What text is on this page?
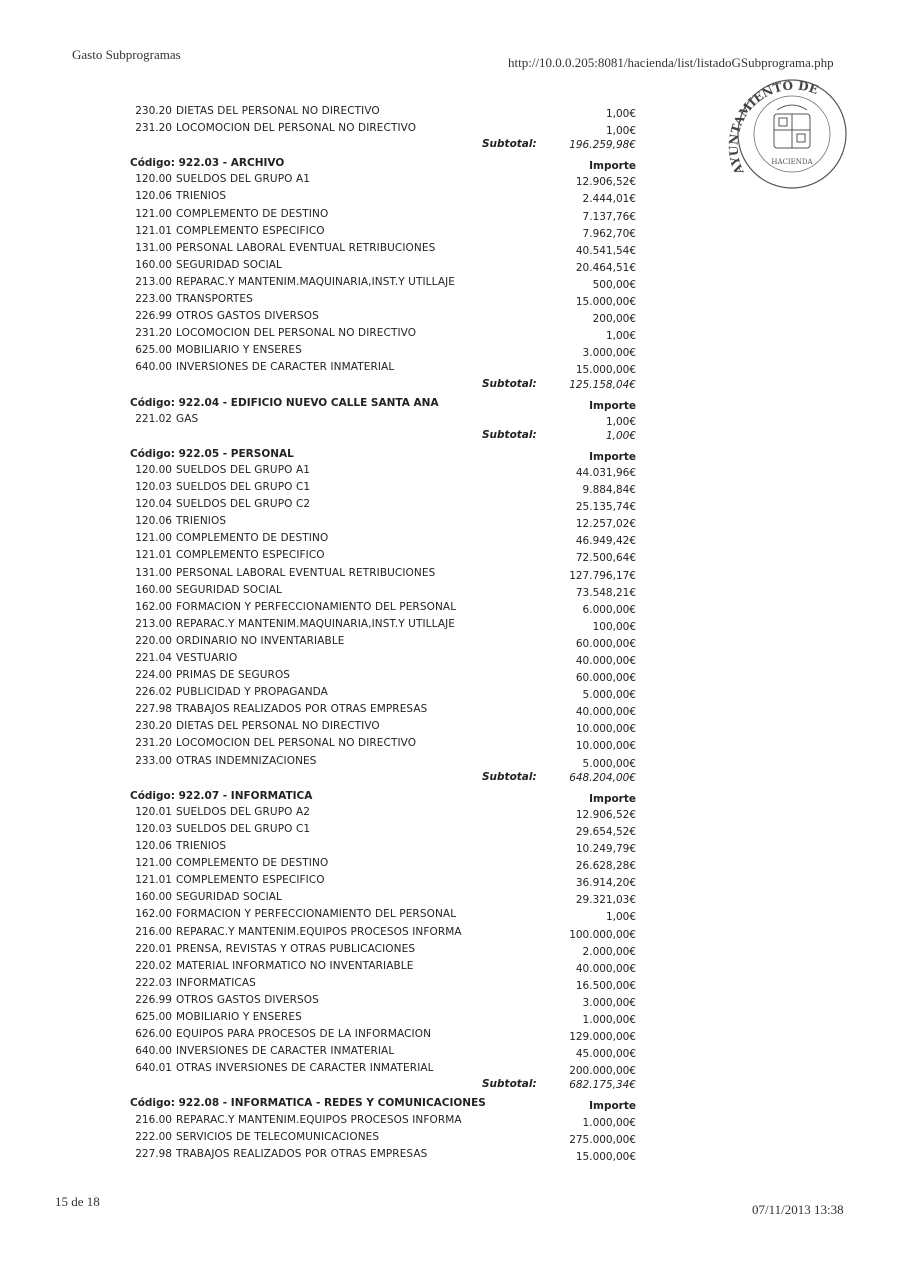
Gasto Subprogramas
http://10.0.0.205:8081/hacienda/list/listadoGSubprograma.php
AYUNTAMIENTO DE
HACIENDA
230.20 DIETAS DEL PERSONAL NO DIRECTIVO	1,00€
231.20 LOCOMOCION DEL PERSONAL NO DIRECTIVO	1,00€
Subtotal:	196.259,98€
Código: 922.03 - ARCHIVO	Importe
120.00 SUELDOS DEL GRUPO A1	12.906,52€
120.06 TRIENIOS	2.444,01€
121.00 COMPLEMENTO DE DESTINO	7.137,76€
121.01 COMPLEMENTO ESPECIFICO	7.962,70€
131.00 PERSONAL LABORAL EVENTUAL RETRIBUCIONES	40.541,54€
160.00 SEGURIDAD SOCIAL	20.464,51€
213.00 REPARAC.Y MANTENIM.MAQUINARIA,INST.Y UTILLAJE	500,00€
223.00 TRANSPORTES	15.000,00€
226.99 OTROS GASTOS DIVERSOS	200,00€
231.20 LOCOMOCION DEL PERSONAL NO DIRECTIVO	1,00€
625.00 MOBILIARIO Y ENSERES	3.000,00€
640.00 INVERSIONES DE CARACTER INMATERIAL	15.000,00€
Subtotal:	125.158,04€
Código: 922.04 - EDIFICIO NUEVO CALLE SANTA ANA	Importe
221.02 GAS	1,00€
Subtotal:	1,00€
Código: 922.05 - PERSONAL	Importe
120.00 SUELDOS DEL GRUPO A1	44.031,96€
120.03 SUELDOS DEL GRUPO C1	9.884,84€
120.04 SUELDOS DEL GRUPO C2	25.135,74€
120.06 TRIENIOS	12.257,02€
121.00 COMPLEMENTO DE DESTINO	46.949,42€
121.01 COMPLEMENTO ESPECIFICO	72.500,64€
131.00 PERSONAL LABORAL EVENTUAL RETRIBUCIONES	127.796,17€
160.00 SEGURIDAD SOCIAL	73.548,21€
162.00 FORMACION Y PERFECCIONAMIENTO DEL PERSONAL	6.000,00€
213.00 REPARAC.Y MANTENIM.MAQUINARIA,INST.Y UTILLAJE	100,00€
220.00 ORDINARIO NO INVENTARIABLE	60.000,00€
221.04 VESTUARIO	40.000,00€
224.00 PRIMAS DE SEGUROS	60.000,00€
226.02 PUBLICIDAD Y PROPAGANDA	5.000,00€
227.98 TRABAJOS REALIZADOS POR OTRAS EMPRESAS	40.000,00€
230.20 DIETAS DEL PERSONAL NO DIRECTIVO	10.000,00€
231.20 LOCOMOCION DEL PERSONAL NO DIRECTIVO	10.000,00€
233.00 OTRAS INDEMNIZACIONES	5.000,00€
Subtotal:	648.204,00€
Código: 922.07 - INFORMATICA	Importe
120.01 SUELDOS DEL GRUPO A2	12.906,52€
120.03 SUELDOS DEL GRUPO C1	29.654,52€
120.06 TRIENIOS	10.249,79€
121.00 COMPLEMENTO DE DESTINO	26.628,28€
121.01 COMPLEMENTO ESPECIFICO	36.914,20€
160.00 SEGURIDAD SOCIAL	29.321,03€
162.00 FORMACION Y PERFECCIONAMIENTO DEL PERSONAL	1,00€
216.00 REPARAC.Y MANTENIM.EQUIPOS PROCESOS INFORMA	100.000,00€
220.01 PRENSA, REVISTAS Y OTRAS PUBLICACIONES	2.000,00€
220.02 MATERIAL INFORMATICO NO INVENTARIABLE	40.000,00€
222.03 INFORMATICAS	16.500,00€
226.99 OTROS GASTOS DIVERSOS	3.000,00€
625.00 MOBILIARIO Y ENSERES	1.000,00€
626.00 EQUIPOS PARA PROCESOS DE LA INFORMACION	129.000,00€
640.00 INVERSIONES DE CARACTER INMATERIAL	45.000,00€
640.01 OTRAS INVERSIONES DE CARACTER INMATERIAL	200.000,00€
Subtotal:	682.175,34€
Código: 922.08 - INFORMATICA - REDES Y COMUNICACIONES	Importe
216.00 REPARAC.Y MANTENIM.EQUIPOS PROCESOS INFORMA	1.000,00€
222.00 SERVICIOS DE TELECOMUNICACIONES	275.000,00€
227.98 TRABAJOS REALIZADOS POR OTRAS EMPRESAS	15.000,00€
15 de 18
07/11/2013 13:38
